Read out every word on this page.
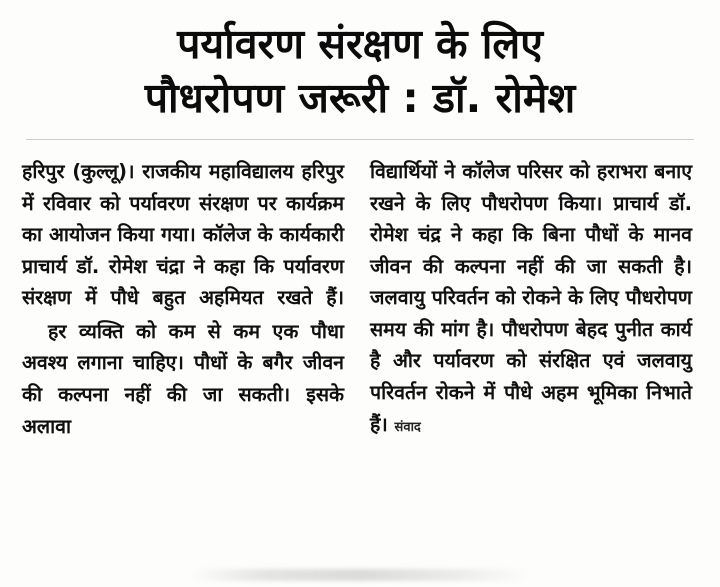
पर्यावरण संरक्षण के लिए
पौधरोपण जरूरी : डॉ. रोमेश

हरिपुर (कुल्लू)। राजकीय महाविद्यालय हरिपुर में रविवार को पर्यावरण संरक्षण पर कार्यक्रम का आयोजन किया गया। कॉलेज के कार्यकारी प्राचार्य डॉ. रोमेश चंद्रा ने कहा कि पर्यावरण संरक्षण में पौधे बहुत अहमियत रखते हैं।

हर व्यक्ति को कम से कम एक पौधा अवश्य लगाना चाहिए। पौधों के बगैर जीवन की कल्पना नहीं की जा सकती। इसके अलावा

विद्यार्थियों ने कॉलेज परिसर को हराभरा बनाए रखने के लिए पौधरोपण किया। प्राचार्य डॉ. रोमेश चंद्र ने कहा कि बिना पौधों के मानव जीवन की कल्पना नहीं की जा सकती है। जलवायु परिवर्तन को रोकने के लिए पौधरोपण समय की मांग है। पौधरोपण बेहद पुनीत कार्य है और पर्यावरण को संरक्षित एवं जलवायु परिवर्तन रोकने में पौधे अहम भूमिका निभाते हैं। संवाद
